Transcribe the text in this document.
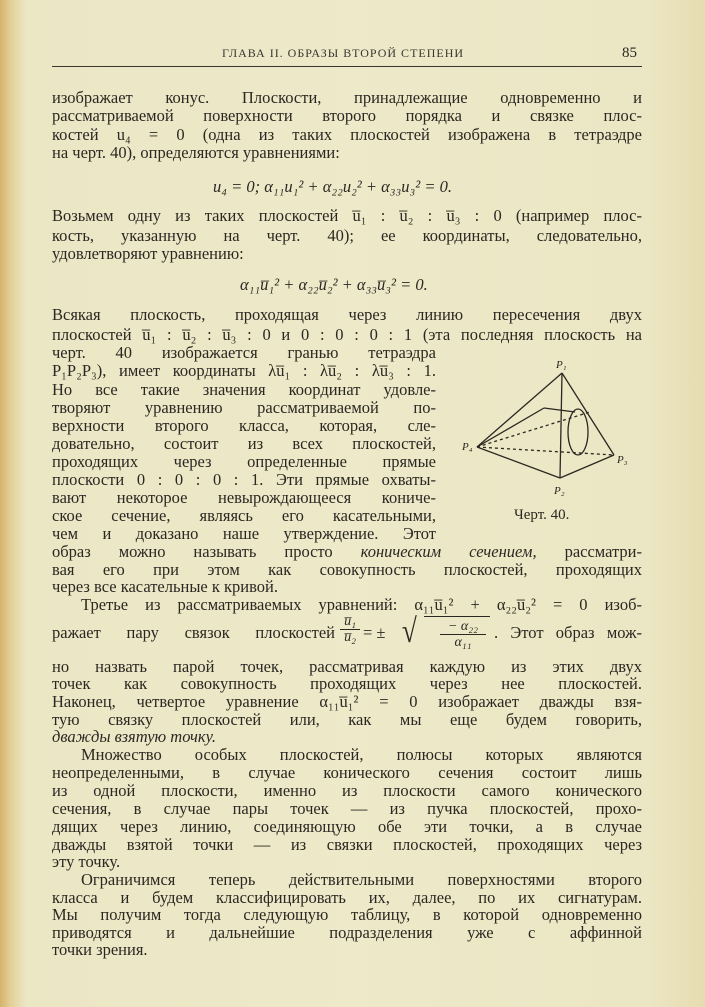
ГЛАВА II. ОБРАЗЫ ВТОРОЙ СТЕПЕНИ	85
изображает конус. Плоскости, принадлежащие одновременно и
рассматриваемой поверхности второго порядка и связке плос-
костей u₄ = 0 (одна из таких плоскостей изображена в тетраэдре
на черт. 40), определяются уравнениями:
u₄ = 0; α₁₁u₁² + α₂₂u₂² + α₃₃u₃² = 0.
Возьмем одну из таких плоскостей u̅₁ : u̅₂ : u̅₃ : 0 (например плос-
кость, указанную на черт. 40); ее координаты, следовательно,
удовлетворяют уравнению:
α₁₁u̅₁² + α₂₂u̅₂² + α₃₃u̅₃² = 0.
Всякая плоскость, проходящая через линию пересечения двух
плоскостей u̅₁ : u̅₂ : u̅₃ : 0 и 0 : 0 : 0 : 1 (эта последняя плоскость на
черт. 40 изображается гранью тетраэдра
P₁P₂P₃), имеет координаты λu̅₁ : λu̅₂ : λu̅₃ : 1.
Но все такие значения координат удовле-
творяют уравнению рассматриваемой по-
верхности второго класса, которая, сле-
довательно, состоит из всех плоскостей,
проходящих через определенные прямые
плоскости 0 : 0 : 0 : 1. Эти прямые охваты-
вают некоторое невырождающееся кониче-
ское сечение, являясь его касательными,
чем и доказано наше утверждение. Этот
образ можно называть просто коническим сечением, рассматри-
вая его при этом как совокупность плоскостей, проходящих
через все касательные к кривой.
Третье из рассматриваемых уравнений: α₁₁u̅₁² + α₂₂u̅₂² = 0 изоб-
ражает пару связок плоскостей $\frac{\text{u̅₁}}{\text{u̅₂}}$ = ± √ $\frac{\text{− α₂₂}}{\text{α₁₁}}$ . Этот образ мож-
но назвать парой точек, рассматривая каждую из этих двух
точек как совокупность проходящих через нее плоскостей.
Наконец, четвертое уравнение α₁₁u̅₁² = 0 изображает дважды взя-
тую связку плоскостей или, как мы еще будем говорить,
дважды взятую точку.
Множество особых плоскостей, полюсы которых являются
неопределенными, в случае конического сечения состоит лишь
из одной плоскости, именно из плоскости самого конического
сечения, в случае пары точек — из пучка плоскостей, прохо-
дящих через линию, соединяющую обе эти точки, а в случае
дважды взятой точки — из связки плоскостей, проходящих через
эту точку.
Ограничимся теперь действительными поверхностями второго
класса и будем классифицировать их, далее, по их сигнатурам.
Мы получим тогда следующую таблицу, в которой одновременно
приводятся и дальнейшие подразделения уже с аффинной
точки зрения.
P₁
P₂
P₃
P₄
Черт. 40.
